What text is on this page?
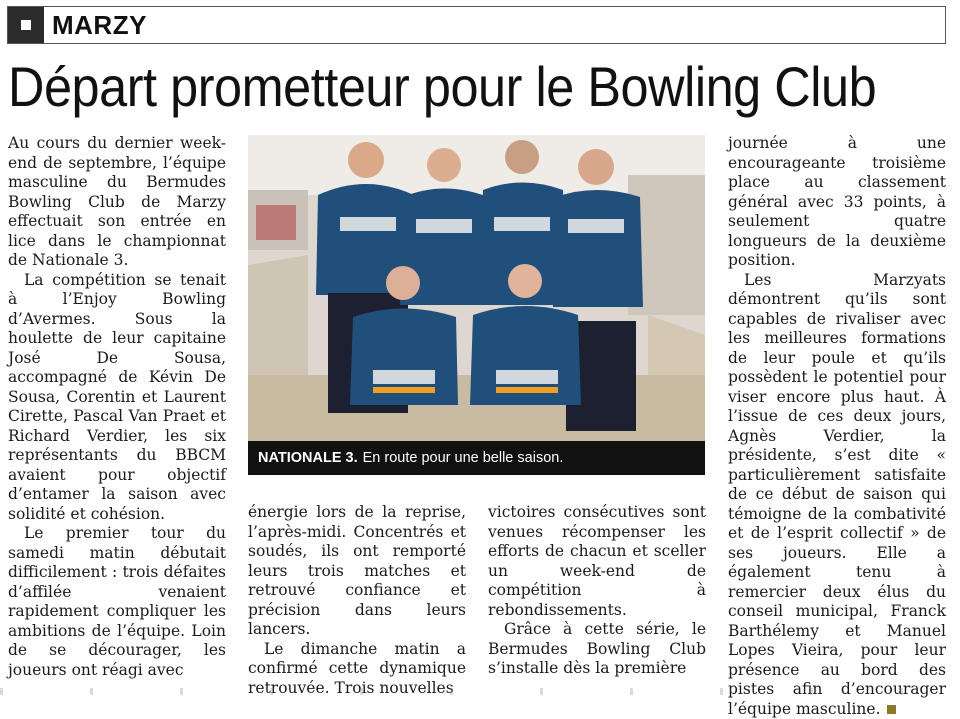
MARZY
Départ prometteur pour le Bowling Club

Au cours du dernier week-end de septembre, l’équipe masculine du Bermudes Bowling Club de Marzy effectuait son entrée en lice dans le championnat de Nationale 3.

La compétition se tenait à l’Enjoy Bowling d’Avermes. Sous la houlette de leur capitaine José De Sousa, accompagné de Kévin De Sousa, Corentin et Laurent Cirette, Pascal Van Praet et Richard Verdier, les six représentants du BBCM avaient pour objectif d’entamer la saison avec solidité et cohésion.

Le premier tour du samedi matin débutait difficilement : trois défaites d’affilée venaient rapidement compliquer les ambitions de l’équipe. Loin de se décourager, les joueurs ont réagi avec

NATIONALE 3. En route pour une belle saison.

énergie lors de la reprise, l’après-midi. Concentrés et soudés, ils ont remporté leurs trois matches et retrouvé confiance et précision dans leurs lancers.

Le dimanche matin a confirmé cette dynamique retrouvée. Trois nouvelles

victoires consécutives sont venues récompenser les efforts de chacun et sceller un week-end de compétition à rebondissements.

Grâce à cette série, le Bermudes Bowling Club s’installe dès la première

journée à une encourageante troisième place au classement général avec 33 points, à seulement quatre longueurs de la deuxième position.

Les Marzyats démontrent qu’ils sont capables de rivaliser avec les meilleures formations de leur poule et qu’ils possèdent le potentiel pour viser encore plus haut. À l’issue de ces deux jours, Agnès Verdier, la présidente, s’est dite « particulièrement satisfaite de ce début de saison qui témoigne de la combativité et de l’esprit collectif » de ses joueurs. Elle a également tenu à remercier deux élus du conseil municipal, Franck Barthélemy et Manuel Lopes Vieira, pour leur présence au bord des pistes afin d’encourager l’équipe masculine.
